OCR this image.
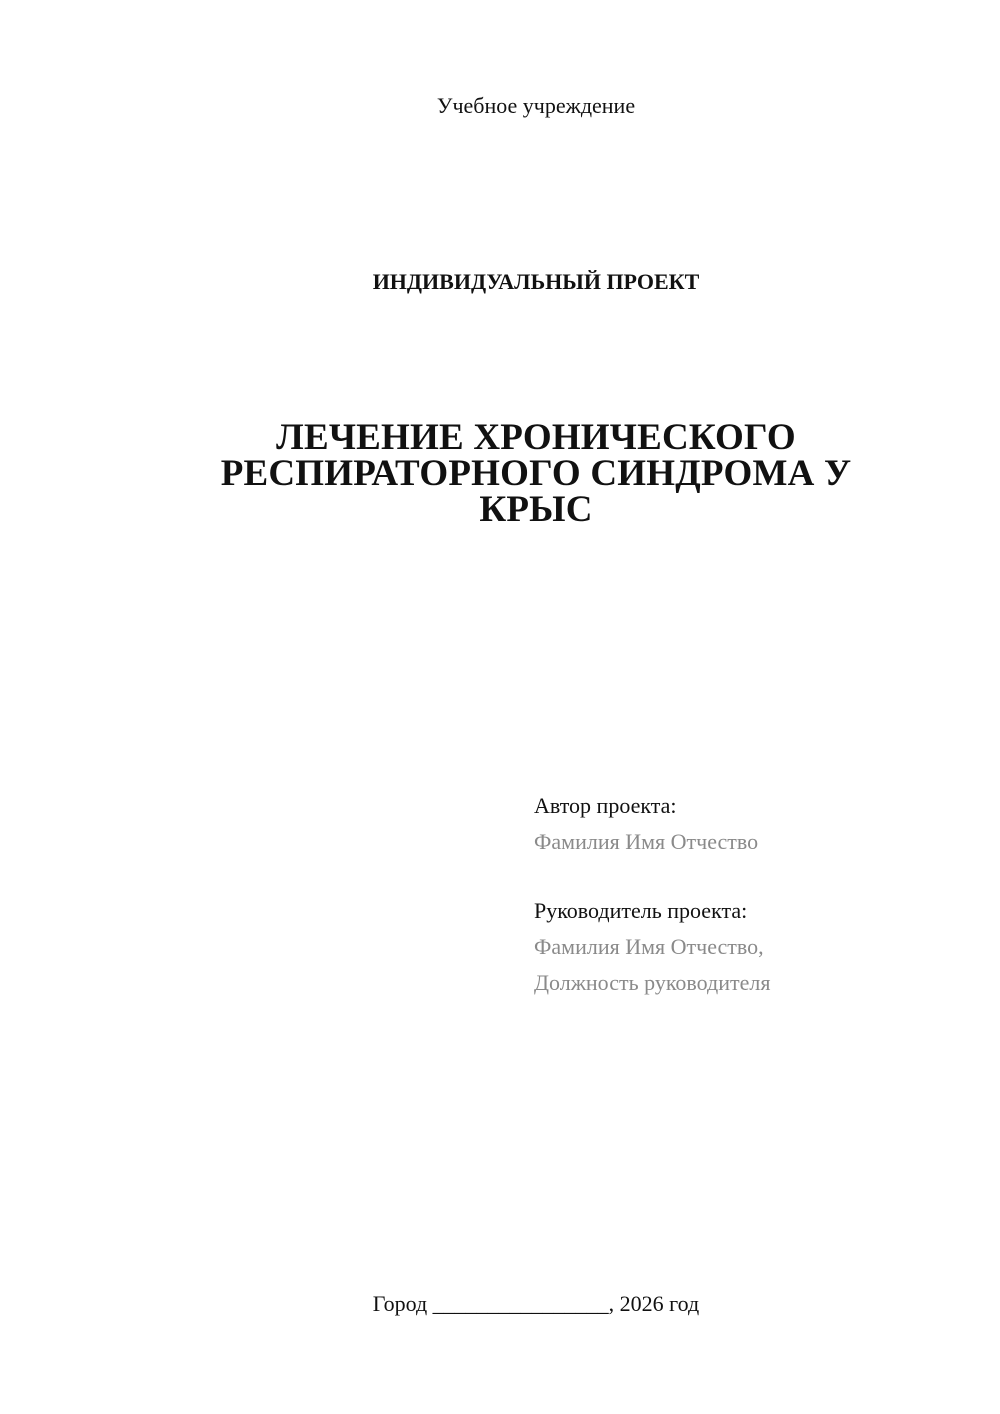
Учебное учреждение
ИНДИВИДУАЛЬНЫЙ ПРОЕКТ
ЛЕЧЕНИЕ ХРОНИЧЕСКОГО
РЕСПИРАТОРНОГО СИНДРОМА У
КРЫС
Автор проекта:
Фамилия Имя Отчество
Руководитель проекта:
Фамилия Имя Отчество,
Должность руководителя
Город ________________, 2026 год
